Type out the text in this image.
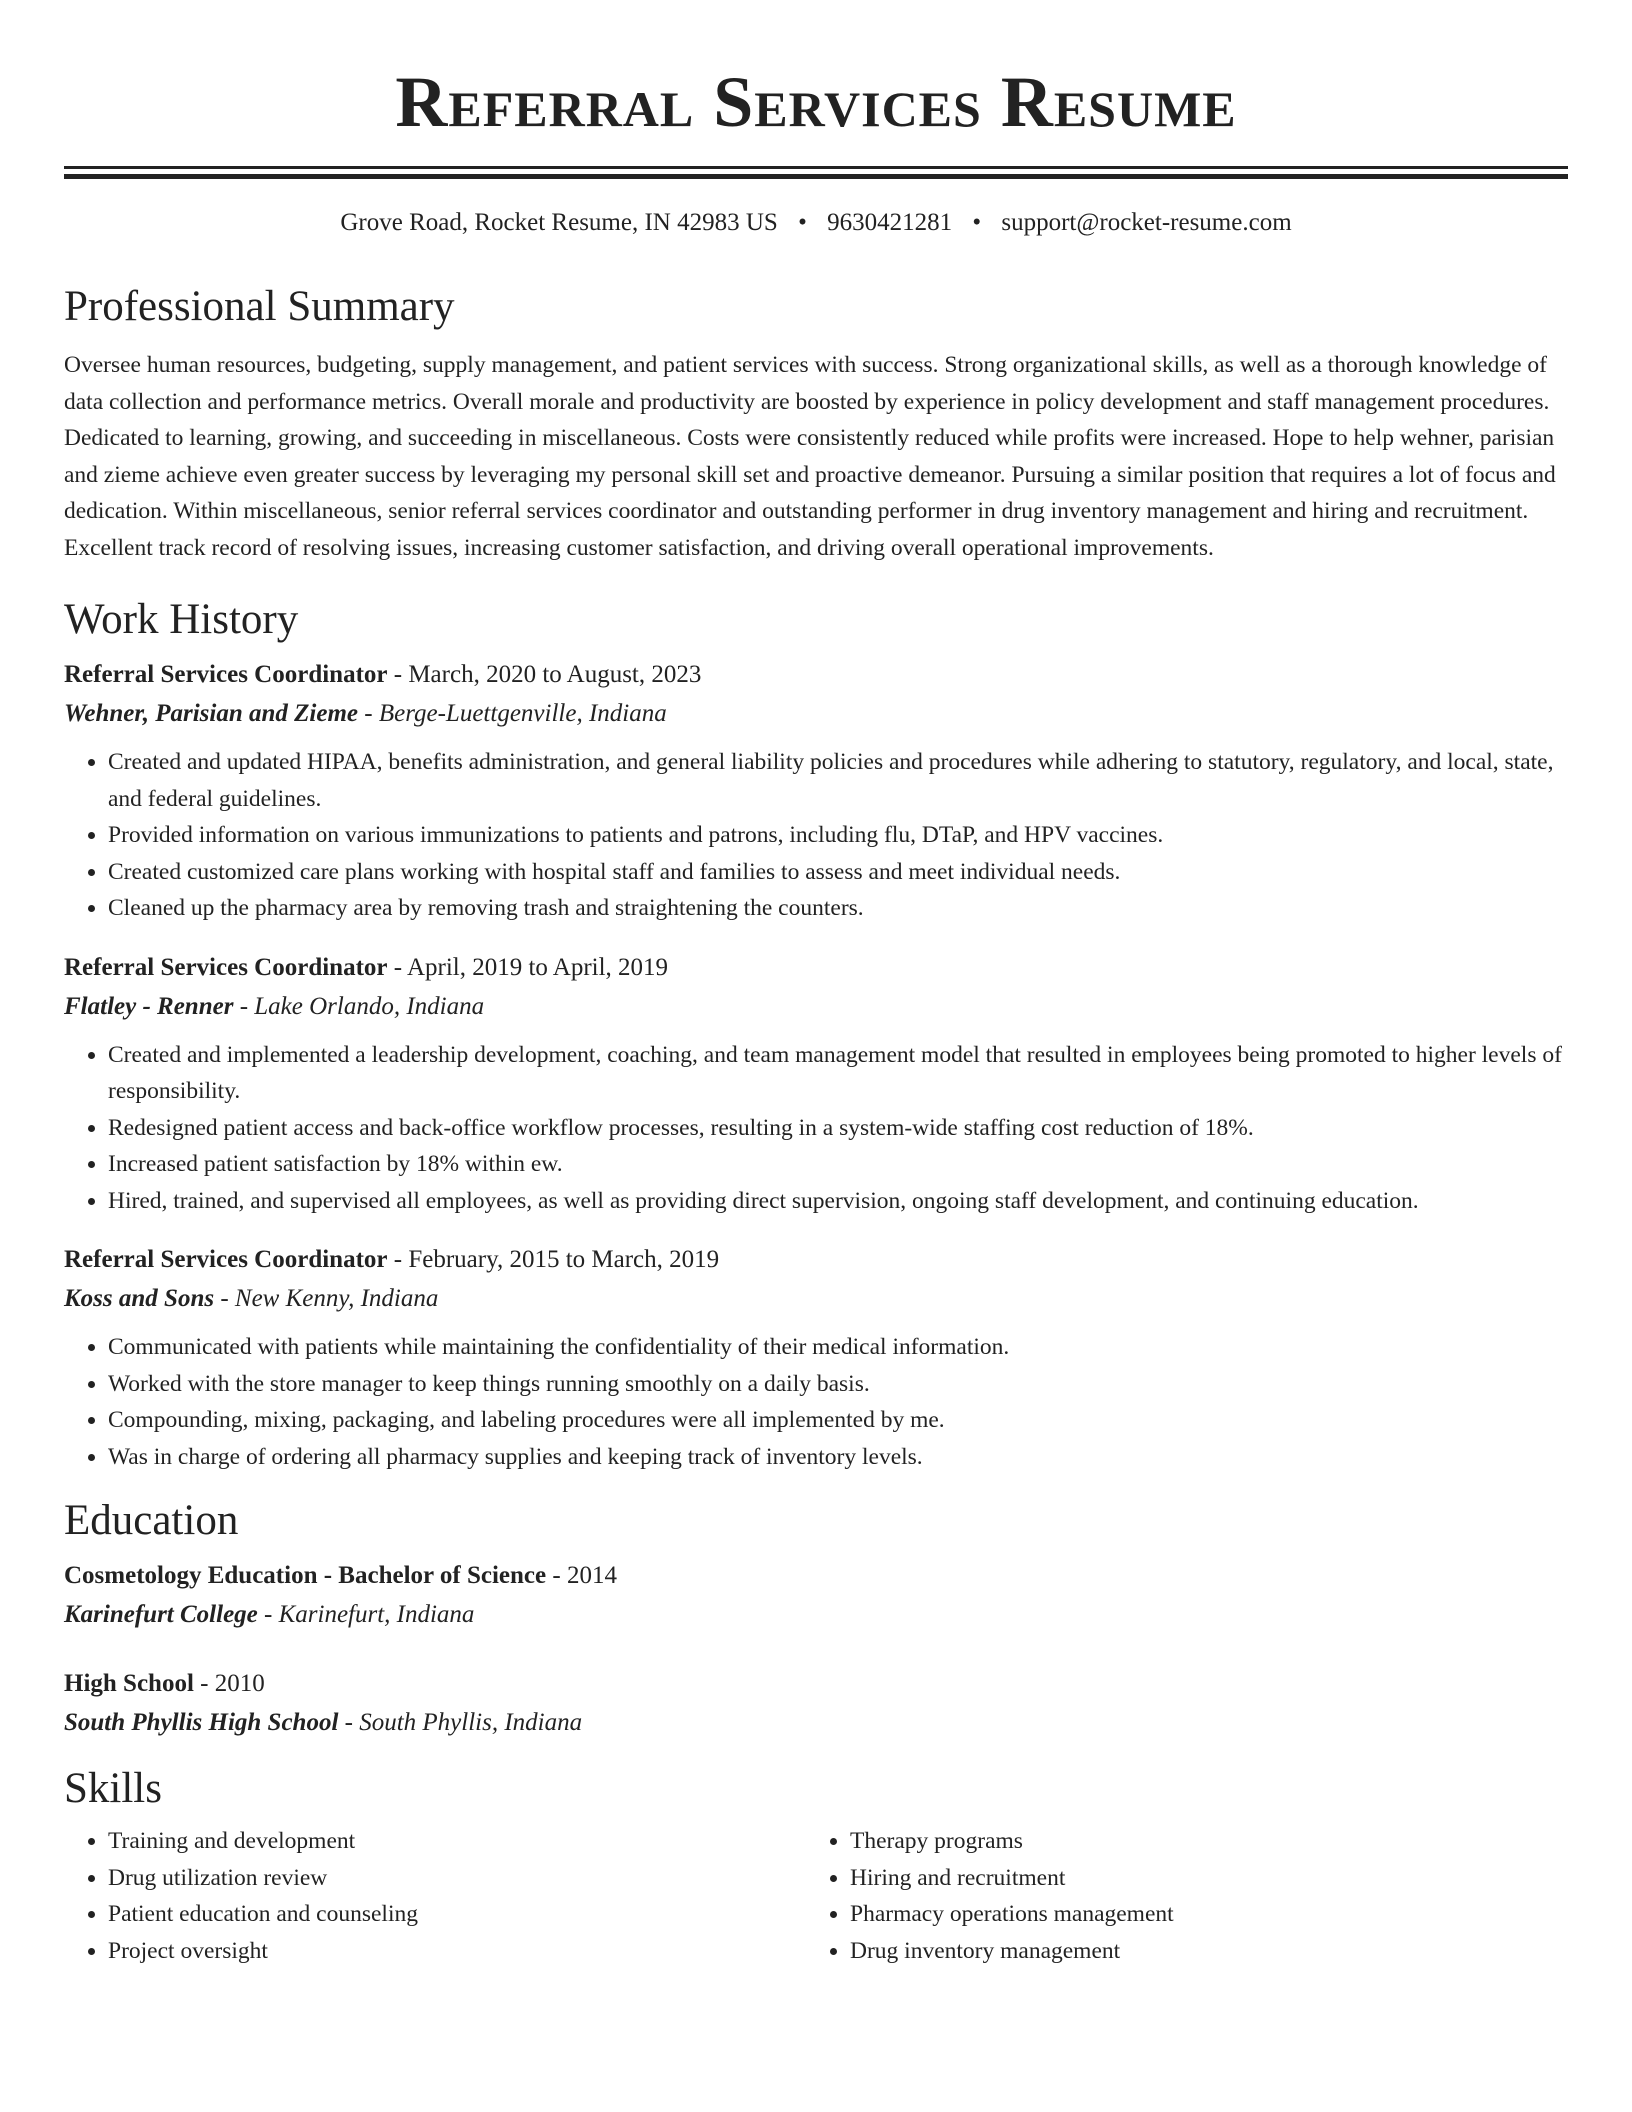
Referral Services Resume
Grove Road, Rocket Resume, IN 42983 US • 9630421281 • support@rocket-resume.com
Professional Summary

Oversee human resources, budgeting, supply management, and patient services with success. Strong organizational skills, as well as a thorough knowledge of data collection and performance metrics. Overall morale and productivity are boosted by experience in policy development and staff management procedures. Dedicated to learning, growing, and succeeding in miscellaneous. Costs were consistently reduced while profits were increased. Hope to help wehner, parisian and zieme achieve even greater success by leveraging my personal skill set and proactive demeanor. Pursuing a similar position that requires a lot of focus and dedication. Within miscellaneous, senior referral services coordinator and outstanding performer in drug inventory management and hiring and recruitment. Excellent track record of resolving issues, increasing customer satisfaction, and driving overall operational improvements.

Work History
Referral Services Coordinator - March, 2020 to August, 2023
Wehner, Parisian and Zieme - Berge-Luettgenville, Indiana
• Created and updated HIPAA, benefits administration, and general liability policies and procedures while adhering to statutory, regulatory, and local, state, and federal guidelines.
• Provided information on various immunizations to patients and patrons, including flu, DTaP, and HPV vaccines.
• Created customized care plans working with hospital staff and families to assess and meet individual needs.
• Cleaned up the pharmacy area by removing trash and straightening the counters.
Referral Services Coordinator - April, 2019 to April, 2019
Flatley - Renner - Lake Orlando, Indiana
• Created and implemented a leadership development, coaching, and team management model that resulted in employees being promoted to higher levels of responsibility.
• Redesigned patient access and back-office workflow processes, resulting in a system-wide staffing cost reduction of 18%.
• Increased patient satisfaction by 18% within ew.
• Hired, trained, and supervised all employees, as well as providing direct supervision, ongoing staff development, and continuing education.
Referral Services Coordinator - February, 2015 to March, 2019
Koss and Sons - New Kenny, Indiana
• Communicated with patients while maintaining the confidentiality of their medical information.
• Worked with the store manager to keep things running smoothly on a daily basis.
• Compounding, mixing, packaging, and labeling procedures were all implemented by me.
• Was in charge of ordering all pharmacy supplies and keeping track of inventory levels.
Education
Cosmetology Education - Bachelor of Science - 2014
Karinefurt College - Karinefurt, Indiana
High School - 2010
South Phyllis High School - South Phyllis, Indiana
Skills
• Training and development
• Drug utilization review
• Patient education and counseling
• Project oversight
• Therapy programs
• Hiring and recruitment
• Pharmacy operations management
• Drug inventory management
